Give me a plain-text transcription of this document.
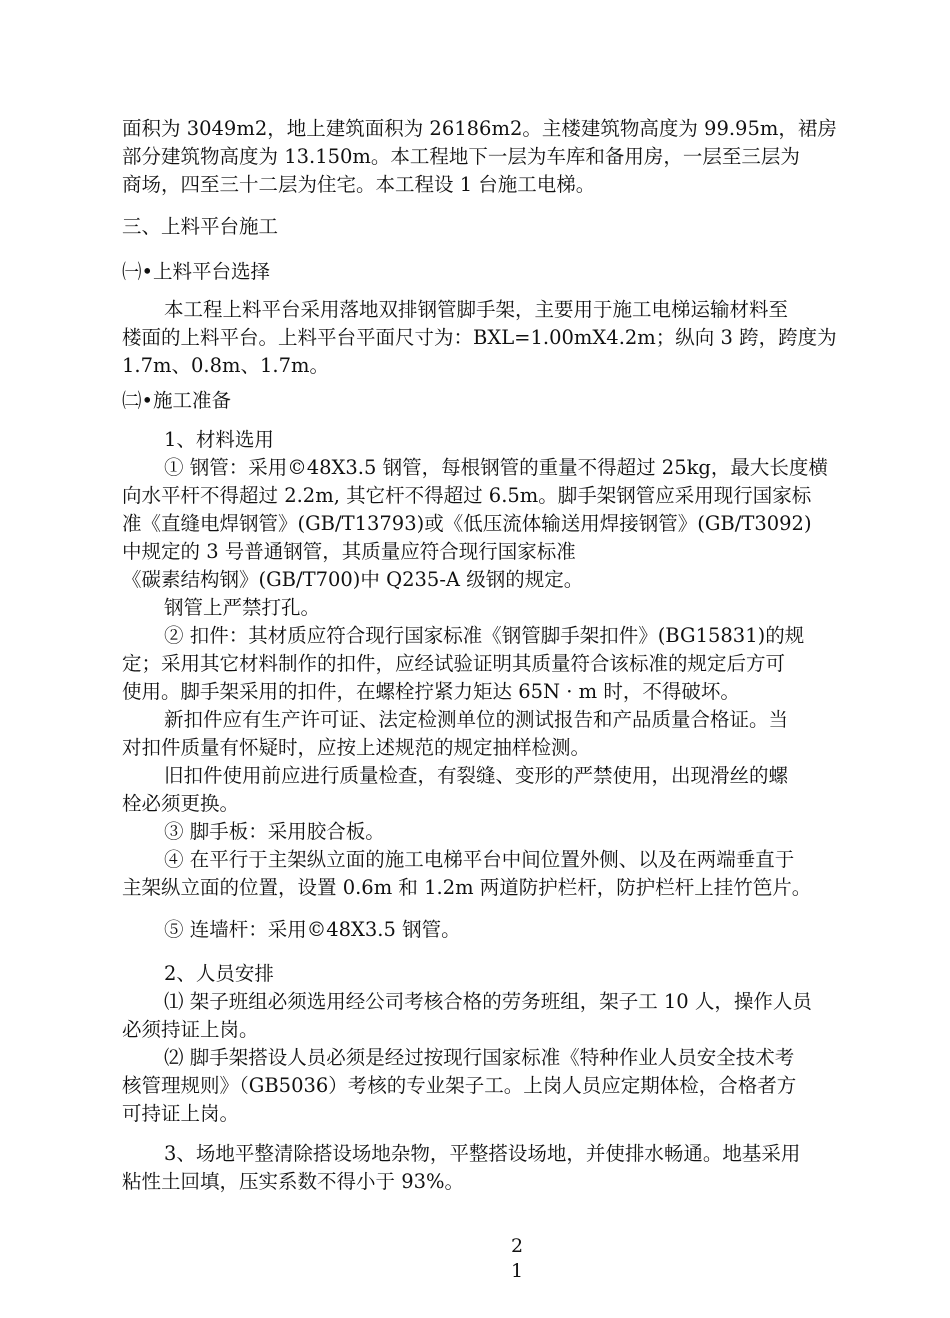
面积为 3049m2，地上建筑面积为 26186m2。主楼建筑物高度为 99.95m，裙房
部分建筑物高度为 13.150m。本工程地下一层为车库和备用房，一层至三层为
商场，四至三十二层为住宅。本工程设 1 台施工电梯。
三、上料平台施工
㈠•上料平台选择
本工程上料平台采用落地双排钢管脚手架，主要用于施工电梯运输材料至
楼面的上料平台。上料平台平面尺寸为：BXL=1.00mX4.2m；纵向 3 跨，跨度为
1.7m、0.8m、1.7m。
㈡•施工准备
1、材料选用
① 钢管：采用©48X3.5 钢管，每根钢管的重量不得超过 25kg，最大长度横
向水平杆不得超过 2.2m, 其它杆不得超过 6.5m。脚手架钢管应采用现行国家标
准《直缝电焊钢管》(GB/T13793)或《低压流体输送用焊接钢管》(GB/T3092)
中规定的 3 号普通钢管，其质量应符合现行国家标准
《碳素结构钢》(GB/T700)中 Q235-A 级钢的规定。
钢管上严禁打孔。
② 扣件：其材质应符合现行国家标准《钢管脚手架扣件》(BG15831)的规
定；采用其它材料制作的扣件，应经试验证明其质量符合该标准的规定后方可
使用。脚手架采用的扣件，在螺栓拧紧力矩达 65N · m 时，不得破坏。
新扣件应有生产许可证、法定检测单位的测试报告和产品质量合格证。当
对扣件质量有怀疑时，应按上述规范的规定抽样检测。
旧扣件使用前应进行质量检查，有裂缝、变形的严禁使用，出现滑丝的螺
栓必须更换。
③ 脚手板：采用胶合板。
④ 在平行于主架纵立面的施工电梯平台中间位置外侧、以及在两端垂直于
主架纵立面的位置，设置 0.6m 和 1.2m 两道防护栏杆，防护栏杆上挂竹笆片。
⑤ 连墙杆：采用©48X3.5 钢管。
2、人员安排
⑴ 架子班组必须选用经公司考核合格的劳务班组，架子工 10 人，操作人员
必须持证上岗。
⑵ 脚手架搭设人员必须是经过按现行国家标准《特种作业人员安全技术考
核管理规则》（GB5036）考核的专业架子工。上岗人员应定期体检，合格者方
可持证上岗。
3、场地平整清除搭设场地杂物，平整搭设场地，并使排水畅通。地基采用
粘性土回填，压实系数不得小于 93%。
2
1
